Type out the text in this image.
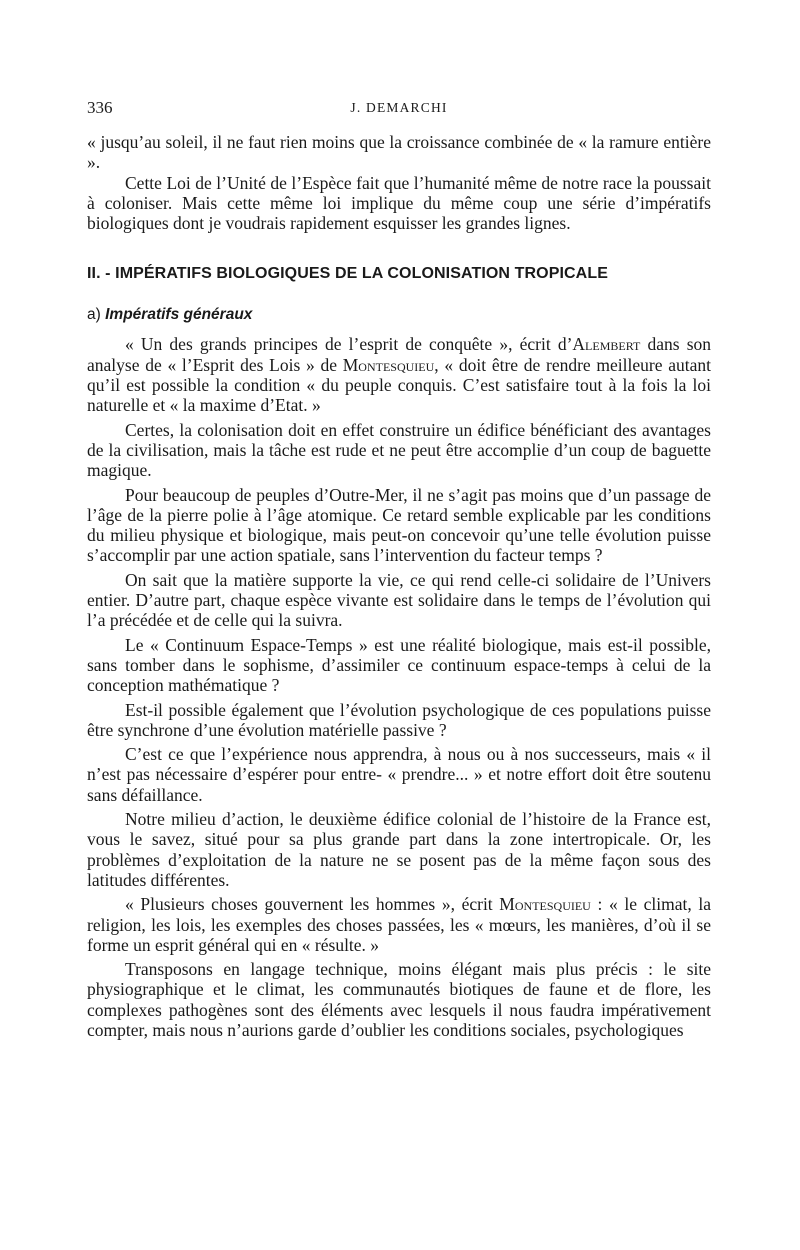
336	J. DEMARCHI

« jusqu’au soleil, il ne faut rien moins que la croissance combinée de « la ramure entière ».

Cette Loi de l’Unité de l’Espèce fait que l’humanité même de notre race la poussait à coloniser. Mais cette même loi implique du même coup une série d’impératifs biologiques dont je voudrais rapidement esquisser les grandes lignes.

II. - IMPÉRATIFS BIOLOGIQUES DE LA COLONISATION TROPICALE
a) Impératifs généraux

« Un des grands principes de l’esprit de conquête », écrit d’Alembert dans son analyse de « l’Esprit des Lois » de Montesquieu, « doit être de rendre meilleure autant qu’il est possible la condition « du peuple conquis. C’est satisfaire tout à la fois la loi naturelle et « la maxime d’Etat. »

Certes, la colonisation doit en effet construire un édifice bénéficiant des avantages de la civilisation, mais la tâche est rude et ne peut être accomplie d’un coup de baguette magique.

Pour beaucoup de peuples d’Outre-Mer, il ne s’agit pas moins que d’un passage de l’âge de la pierre polie à l’âge atomique. Ce retard semble explicable par les conditions du milieu physique et biologique, mais peut-on concevoir qu’une telle évolution puisse s’accomplir par une action spatiale, sans l’intervention du facteur temps ?

On sait que la matière supporte la vie, ce qui rend celle-ci solidaire de l’Univers entier. D’autre part, chaque espèce vivante est solidaire dans le temps de l’évolution qui l’a précédée et de celle qui la suivra.

Le « Continuum Espace-Temps » est une réalité biologique, mais est-il possible, sans tomber dans le sophisme, d’assimiler ce continuum espace-temps à celui de la conception mathématique ?

Est-il possible également que l’évolution psychologique de ces populations puisse être synchrone d’une évolution matérielle passive ?

C’est ce que l’expérience nous apprendra, à nous ou à nos successeurs, mais « il n’est pas nécessaire d’espérer pour entre- « prendre... » et notre effort doit être soutenu sans défaillance.

Notre milieu d’action, le deuxième édifice colonial de l’histoire de la France est, vous le savez, situé pour sa plus grande part dans la zone intertropicale. Or, les problèmes d’exploitation de la nature ne se posent pas de la même façon sous des latitudes différentes.

« Plusieurs choses gouvernent les hommes », écrit Montesquieu : « le climat, la religion, les lois, les exemples des choses passées, les « mœurs, les manières, d’où il se forme un esprit général qui en « résulte. »

Transposons en langage technique, moins élégant mais plus précis : le site physiographique et le climat, les communautés biotiques de faune et de flore, les complexes pathogènes sont des éléments avec lesquels il nous faudra impérativement compter, mais nous n’aurions garde d’oublier les conditions sociales, psychologiques
